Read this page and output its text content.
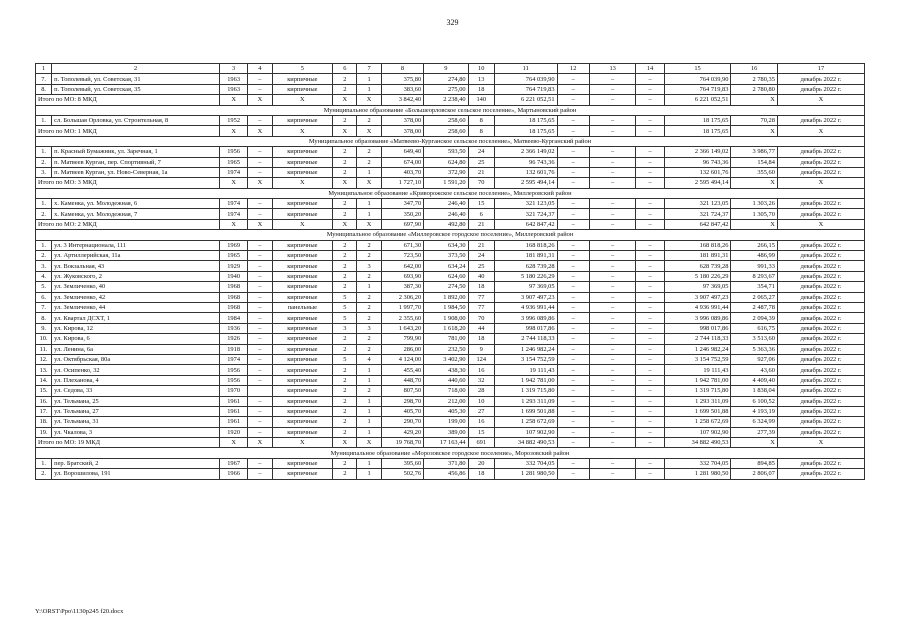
329
1	2	3	4	5	6	7	8	9	10	11	12	13	14	15	16	17
7.	п. Тополевый, ул. Советская, 31	1963	–	кирпичные	2	1	375,80	274,80	13	764 039,90	–	–	–	764 039,90	2 780,35	декабрь 2022 г.
8.	п. Тополевый, ул. Советская, 35	1963	–	кирпичные	2	1	383,60	275,00	18	764 719,83	–	–	–	764 719,83	2 780,80	декабрь 2022 г.
Итого по МО: 8 МКД		X	X	X	X	X	3 842,40	2 238,40	140	6 221 052,51	–	–	–	6 221 052,51	X	X
Муниципальное образование «Большеорловское сельское поселение», Мартыновский район																
1.	сл. Большая Орловка, ул. Строительная, 8	1952	–	кирпичные	2	2	378,00	258,60	8	18 175,65	–	–	–	18 175,65	70,28	декабрь 2022 г.
Итого по МО: 1 МКД		X	X	X	X	X	378,00	258,60	8	18 175,65	–	–	–	18 175,65	X	X
Муниципальное образование «Матвеево-Курганское сельское поселение», Матвеево-Курганский район																
1.	п. Красный Бумажник, ул. Заречная, 1	1956	–	кирпичные	2	2	649,40	593,50	24	2 366 149,02	–	–	–	2 366 149,02	3 986,77	декабрь 2022 г.
2.	п. Матвеев Курган, пер. Спортивный, 7	1965	–	кирпичные	2	2	674,00	624,80	25	96 743,36	–	–	–	96 743,36	154,84	декабрь 2022 г.
3.	п. Матвеев Курган, ул. Ново-Северная, 1а	1974	–	кирпичные	2	1	403,70	372,90	21	132 601,76	–	–	–	132 601,76	355,60	декабрь 2022 г.
Итого по МО: 3 МКД		X	X	X	X	X	1 727,10	1 591,20	70	2 595 494,14	–	–	–	2 595 494,14	X	X
Муниципальное образование «Криворожское сельское поселение», Миллеровский район																
1.	х. Каменка, ул. Молодежная, 6	1974	–	кирпичные	2	1	347,70	246,40	15	321 123,05	–	–	–	321 123,05	1 303,26	декабрь 2022 г.
2.	х. Каменка, ул. Молодежная, 7	1974	–	кирпичные	2	1	350,20	246,40	6	321 724,37	–	–	–	321 724,37	1 305,70	декабрь 2022 г.
Итого по МО: 2 МКД		X	X	X	X	X	697,90	492,80	21	642 847,42	–	–	–	642 847,42	X	X
Муниципальное образование «Миллеровское городское поселение», Миллеровский район																
1.	ул. 3 Интернационала, 111	1969	–	кирпичные	2	2	671,30	634,30	21	168 818,26	–	–	–	168 818,26	266,15	декабрь 2022 г.
2.	ул. Артиллерийская, 11а	1965	–	кирпичные	2	2	723,50	373,50	24	181 891,31	–	–	–	181 891,31	486,99	декабрь 2022 г.
3.	ул. Вокзальная, 43	1929	–	кирпичные	2	3	642,00	634,24	25	628 739,28	–	–	–	628 739,28	991,33	декабрь 2022 г.
4.	ул. Жуковского, 2	1940	–	кирпичные	2	2	693,90	624,60	40	5 180 226,29	–	–	–	5 180 226,29	8 293,67	декабрь 2022 г.
5.	ул. Земличенко, 40	1968	–	кирпичные	2	1	387,30	274,50	18	97 369,05	–	–	–	97 369,05	354,71	декабрь 2022 г.
6.	ул. Земличенко, 42	1968	–	кирпичные	5	2	2 306,20	1 892,00	77	3 907 497,23	–	–	–	3 907 497,23	2 065,27	декабрь 2022 г.
7.	ул. Земличенко, 44	1968	–	панельные	5	2	1 997,70	1 984,50	77	4 936 991,44	–	–	–	4 936 991,44	2 487,78	декабрь 2022 г.
8.	ул. Квартал ДСХТ, 1	1984	–	кирпичные	5	2	2 355,60	1 908,00	70	3 996 089,86	–	–	–	3 996 089,86	2 094,39	декабрь 2022 г.
9.	ул. Кирова, 12	1936	–	кирпичные	3	3	1 643,20	1 618,20	44	998 017,86	–	–	–	998 017,86	616,75	декабрь 2022 г.
10.	ул. Кирова, 6	1926	–	кирпичные	2	2	799,90	781,00	18	2 744 118,33	–	–	–	2 744 118,33	3 513,60	декабрь 2022 г.
11.	ул. Ленина, 6а	1918	–	кирпичные	2	2	286,00	232,50	9	1 246 982,24	–	–	–	1 246 982,24	5 363,36	декабрь 2022 г.
12.	ул. Октябрьская, 80а	1974	–	кирпичные	5	4	4 124,00	3 402,90	124	3 154 752,59	–	–	–	3 154 752,59	927,06	декабрь 2022 г.
13.	ул. Осипенко, 32	1956	–	кирпичные	2	1	455,40	438,30	16	19 111,43	–	–	–	19 111,43	43,60	декабрь 2022 г.
14.	ул. Плеханова, 4	1956	–	кирпичные	2	1	448,70	440,60	32	1 942 781,00	–	–	–	1 942 781,00	4 409,40	декабрь 2022 г.
15.	ул. Седова, 33	1970		кирпичные	2	2	807,50	718,00	28	1 319 715,80	–	–	–	1 319 715,80	1 838,04	декабрь 2022 г.
16.	ул. Тельмана, 25	1961	–	кирпичные	2	1	298,70	212,00	10	1 293 311,09	–	–	–	1 293 311,09	6 100,52	декабрь 2022 г.
17.	ул. Тельмана, 27	1961	–	кирпичные	2	1	405,70	405,30	27	1 699 501,88	–	–	–	1 699 501,88	4 193,19	декабрь 2022 г.
18.	ул. Тельмана, 31	1961	–	кирпичные	2	1	290,70	199,00	16	1 258 672,69	–	–	–	1 258 672,69	6 324,99	декабрь 2022 г.
19.	ул. Чкалова, 3	1920	–	кирпичные	2	1	429,20	389,00	15	107 902,90	–	–	–	107 902,90	277,39	декабрь 2022 г.
Итого по МО: 19 МКД		X	X	X	X	X	19 768,70	17 163,44	691	34 882 490,53	–	–	–	34 882 490,53	X	X
Муниципальное образование «Морозовское городское поселение», Морозовский район																
1.	пер. Братский, 2	1967	–	кирпичные	2	1	395,60	371,80	20	332 704,05	–	–	–	332 704,05	894,85	декабрь 2022 г.
2.	ул. Ворошилова, 191	1966	–	кирпичные	2	1	502,76	456,86	18	1 281 980,50	–	–	–	1 281 980,50	2 806,07	декабрь 2022 г.
Y:\ORST\Ppo\1130p245 f20.docx
